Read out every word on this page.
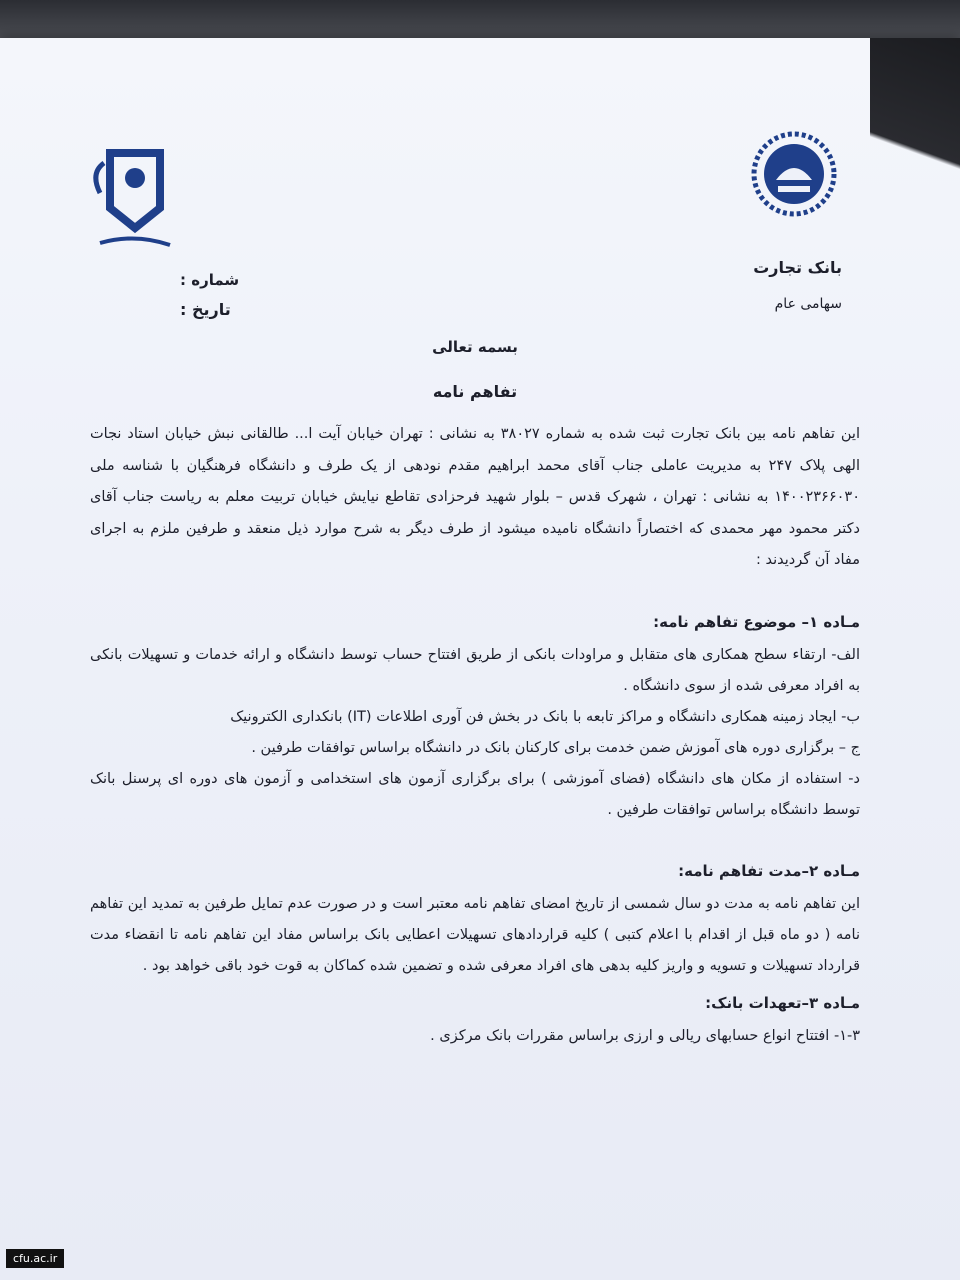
بانک تجارت
سهامی عام
شماره :
تاریخ :
بسمه تعالی
تفاهم نامه

این تفاهم نامه بین بانک تجارت ثبت شده به شماره ۳۸۰۲۷ به نشانی : تهران خیابان آیت ا... طالقانی نبش خیابان استاد نجات الهی پلاک ۲۴۷ به مدیریت عاملی جناب آقای محمد ابراهیم مقدم نودهی از یک طرف و دانشگاه فرهنگیان با شناسه ملی ۱۴۰۰۲۳۶۶۰۳۰ به نشانی : تهران ، شهرک قدس – بلوار شهید فرحزادی تقاطع نیایش خیابان تربیت معلم به ریاست جناب آقای دکتر محمود مهر محمدی که اختصاراً دانشگاه نامیده میشود از طرف دیگر به شرح موارد ذیل منعقد و طرفین ملزم به اجرای مفاد آن گردیدند :

مـاده ۱– موضوع تفاهم نامه:

الف- ارتقاء سطح همکاری های متقابل و مراودات بانکی از طریق افتتاح حساب توسط دانشگاه و ارائه خدمات و تسهیلات بانکی به افراد معرفی شده از سوی دانشگاه .

ب- ایجاد زمینه همکاری دانشگاه و مراکز تابعه با بانک در بخش فن آوری اطلاعات (IT) بانکداری الکترونیک

ج – برگزاری دوره های آموزش ضمن خدمت برای کارکنان بانک در دانشگاه براساس توافقات طرفین .

د- استفاده از مکان های دانشگاه (فضای آموزشی ) برای برگزاری آزمون های استخدامی و آزمون های دوره ای پرسنل بانک توسط دانشگاه براساس توافقات طرفین .

مـاده ۲–مدت تفاهم نامه:

این تفاهم نامه به مدت دو سال شمسی از تاریخ امضای تفاهم نامه معتبر است و در صورت عدم تمایل طرفین به تمدید این تفاهم نامه ( دو ماه قبل از اقدام با اعلام کتبی ) کلیه قراردادهای تسهیلات اعطایی بانک براساس مفاد این تفاهم نامه تا انقضاء مدت قرارداد تسهیلات و تسویه و واریز کلیه بدهی های افراد معرفی شده و تضمین شده کماکان به قوت خود باقی خواهد بود .

مـاده ۳–تعهدات بانک:

۱-۳- افتتاح انواع حسابهای ریالی و ارزی براساس مقررات بانک مرکزی .

cfu.ac.ir
